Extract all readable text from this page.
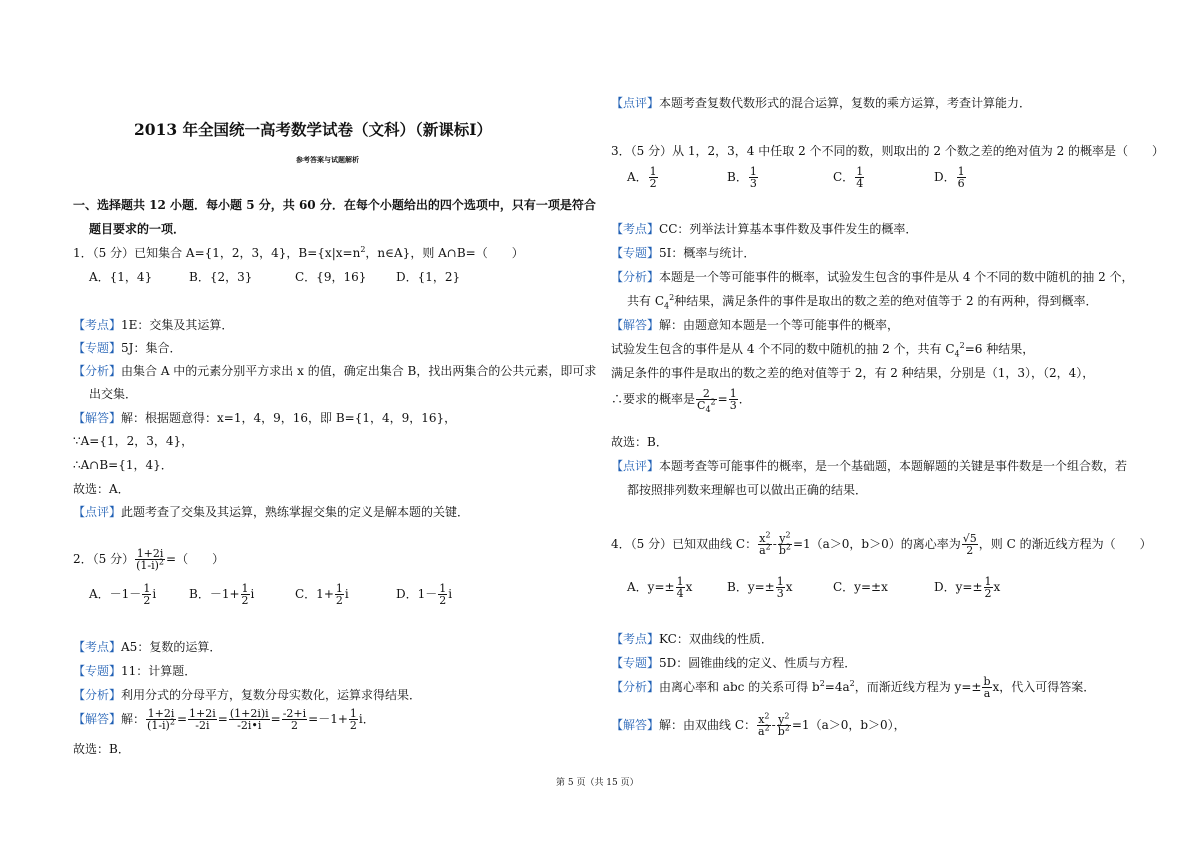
2013 年全国统一高考数学试卷（文科）（新课标Ⅰ）
参考答案与试题解析
一、选择题共 12 小题．每小题 5 分，共 60 分．在每个小题给出的四个选项中，只有一项是符合
题目要求的一项．
1．（5 分）已知集合 A={1，2，3，4}，$B=\{x|x=n^2$，n∈A}，则 A∩B=（　　）
A．{1，4}	B．{2，3}	C．{9，16} D．{1，2}
【考点】1E：交集及其运算．
【专题】5J：集合．
【分析】由集合 A 中的元素分别平方求出 x 的值，确定出集合 B，找出两集合的公共元素，即可求
出交集．
【解答】解：根据题意得：x=1，4，9，16，即 B={1，4，9，16}，
∵A={1，2，3，4}，
∴A∩B={1，4}．
故选：A．
【点评】此题考查了交集及其运算，熟练掌握交集的定义是解本题的关键．
2．（5 分） $\frac{1+2i}{(1-i)^2}$ =（　　）
A．$-1- \frac{1}{2}$ i	B．$-1+ \frac{1}{2}$ i	C．$1+ \frac{1}{2}$ i	D．$1- \frac{1}{2}$ i
【考点】A5：复数的运算．
【专题】11：计算题．
【分析】利用分式的分母平方，复数分母实数化，运算求得结果．
【解答】解： $\frac{1+2i}{(1-i)^2} = \frac{1+2i}{-2i} = \frac{(1+2i)i}{-2i•i} = \frac{-2+i}{2} =-1+ \frac{1}{2}$ i．
故选：B．
【点评】本题考查复数代数形式的混合运算，复数的乘方运算，考查计算能力．
3．（5 分）从 1，2，3，4 中任取 2 个不同的数，则取出的 2 个数之差的绝对值为 2 的概率是（　　）
A． $\frac{1}{2}$	B． $\frac{1}{3}$	C． $\frac{1}{4}$	D． $\frac{1}{6}$
【考点】CC：列举法计算基本事件数及事件发生的概率．
【专题】5I：概率与统计．
【分析】本题是一个等可能事件的概率，试验发生包含的事件是从 4 个不同的数中随机的抽 2 个，
共有 $C_4^2$种结果，满足条件的事件是取出的数之差的绝对值等于 2 的有两种，得到概率．
【解答】解：由题意知本题是一个等可能事件的概率，
试验发生包含的事件是从 4 个不同的数中随机的抽 2 个，共有 $C_4^2=6$ 种结果，
满足条件的事件是取出的数之差的绝对值等于 2，有 2 种结果，分别是（1，3），（2，4），
∴要求的概率是 $\frac{2}{C_4^2} = \frac{1}{3}$ ．
故选：B．
【点评】本题考查等可能事件的概率，是一个基础题，本题解题的关键是事件数是一个组合数，若
都按照排列数来理解也可以做出正确的结果．
4．（5 分）已知双曲线 C： $\frac{x^2}{a^2} - \frac{y^2}{b^2} =1(a>0$，b＞0）的离心率为 $\frac{√5}{2}$ ，则 C 的渐近线方程为（　　）
A．$y=\pm \frac{1}{4}$ x	B．$y=\pm \frac{1}{3}$ x	C．y=±x	D．$y=\pm \frac{1}{2}$ x
【考点】KC：双曲线的性质．
【专题】5D：圆锥曲线的定义、性质与方程．
【分析】由离心率和 abc 的关系可得 $b^2=4a^2$，而渐近线方程为 $y=\pm \frac{b}{a}$ x，代入可得答案．
【解答】解：由双曲线 C： $\frac{x^2}{a^2} - \frac{y^2}{b^2} =1(a>0$，b＞0），
第 5 页（共 15 页）
